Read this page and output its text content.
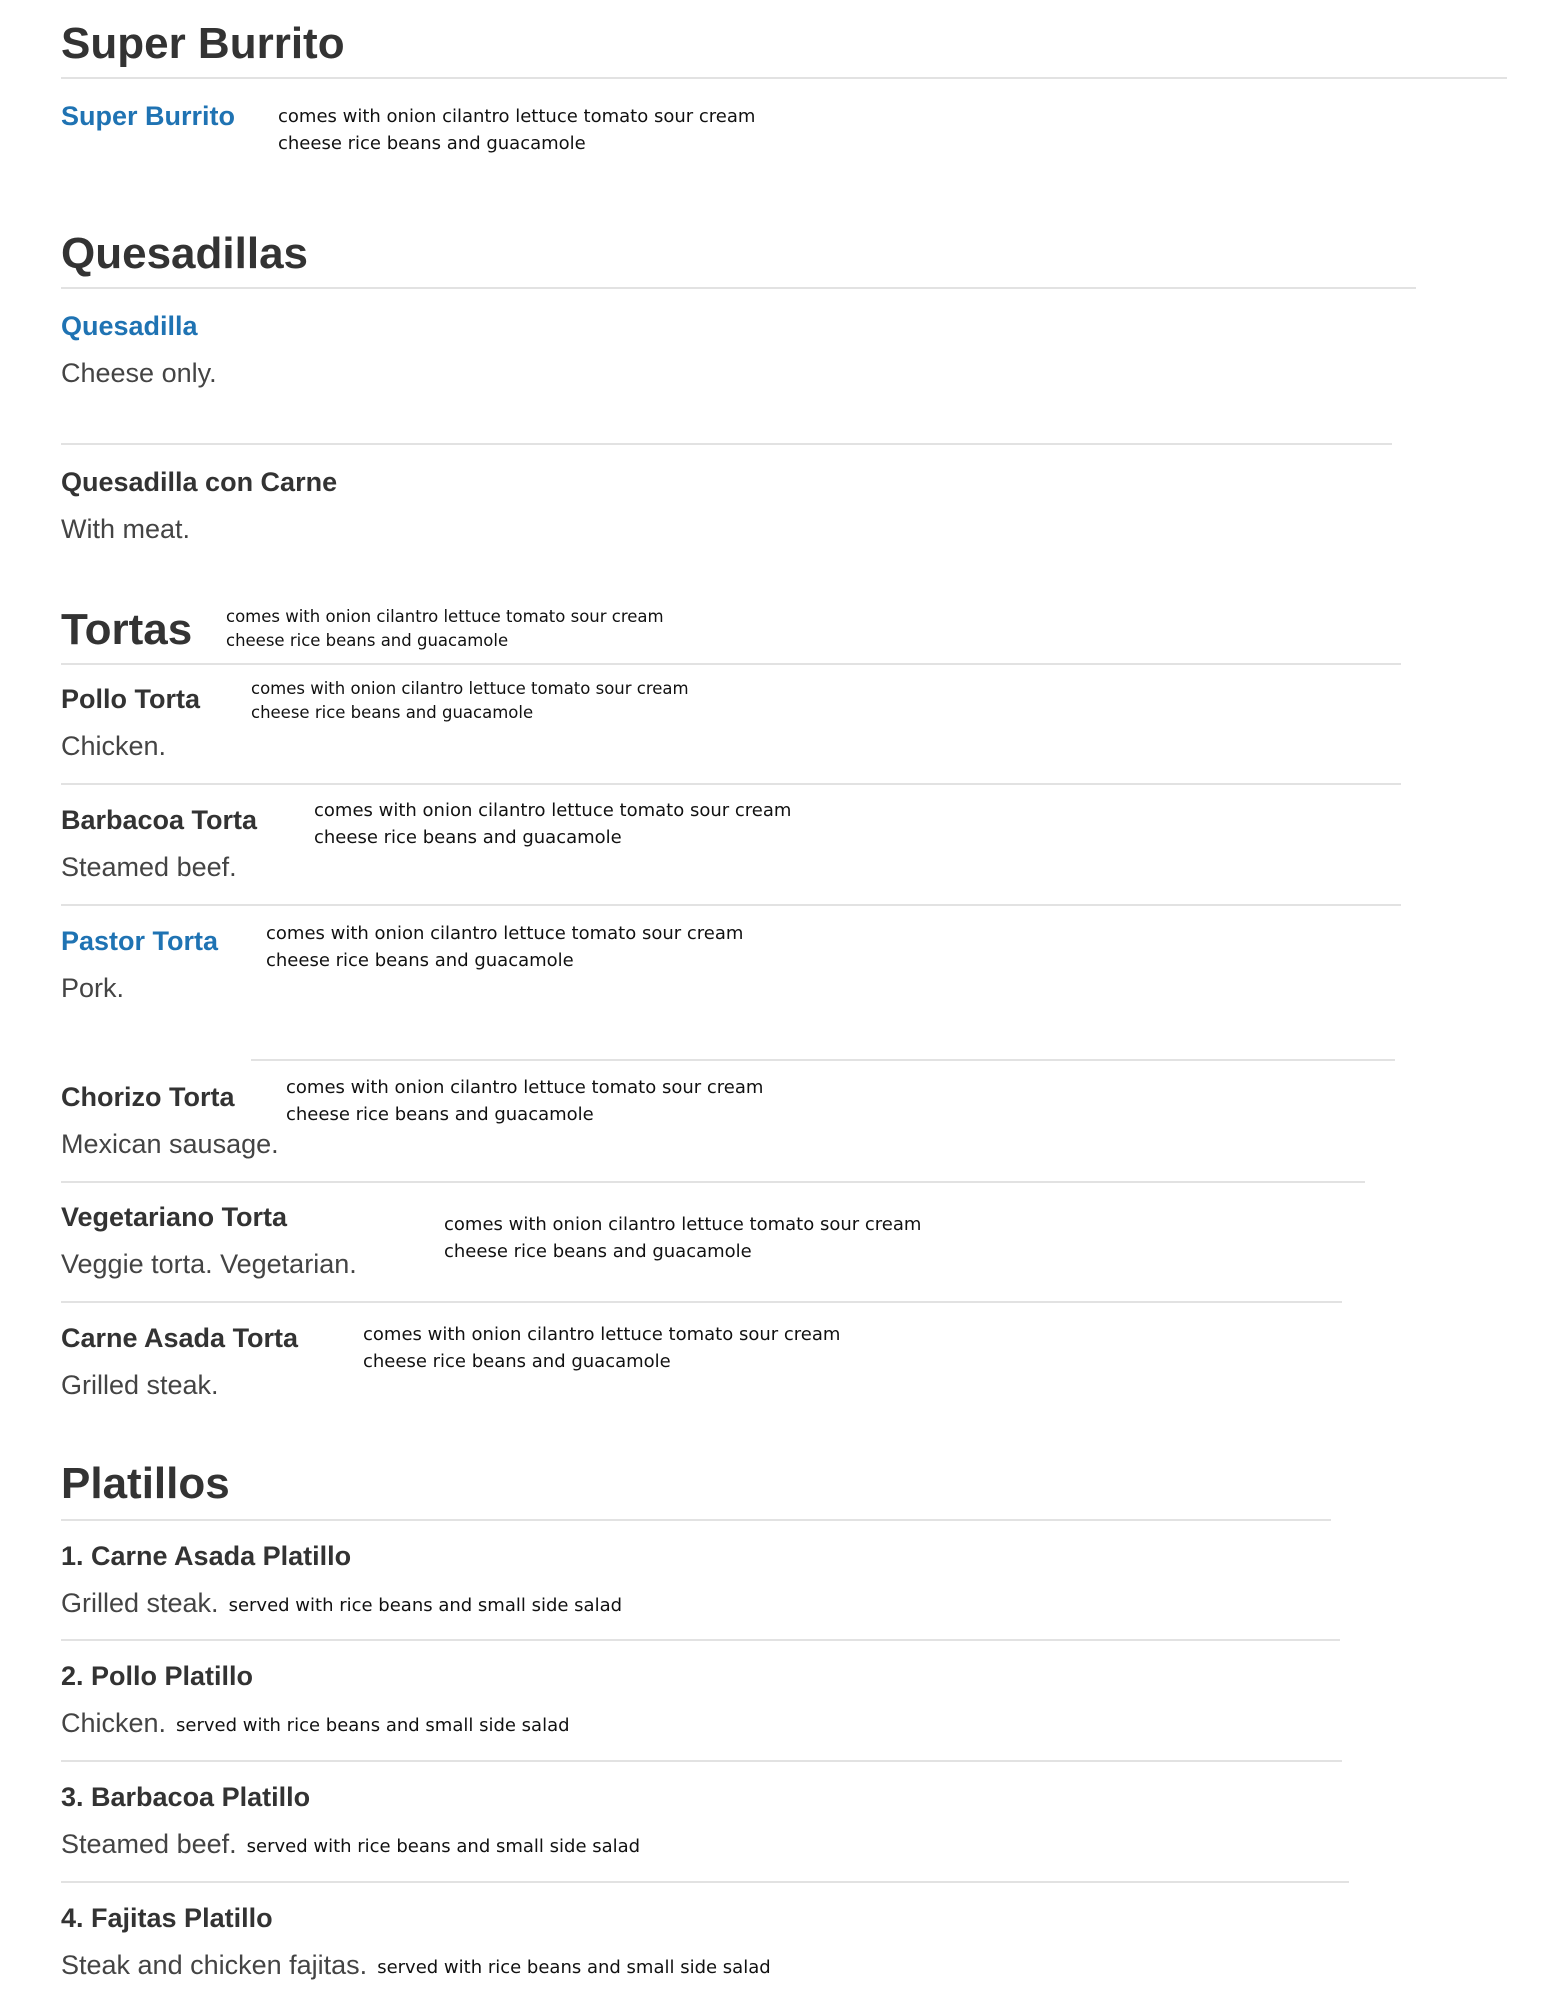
Super Burrito
Super Burrito comes with onion cilantro lettuce tomato sour cream
cheese rice beans and guacamole
Quesadillas
Quesadilla
Cheese only.
Quesadilla con Carne
With meat.
Tortas comes with onion cilantro lettuce tomato sour cream
cheese rice beans and guacamole
Pollo Torta	comes with onion cilantro lettuce tomato sour cream
cheese rice beans and guacamole
Chicken.
Barbacoa Torta	comes with onion cilantro lettuce tomato sour cream
cheese rice beans and guacamole
Steamed beef.
Pastor Torta	comes with onion cilantro lettuce tomato sour cream
cheese rice beans and guacamole
Pork.
Chorizo Torta	comes with onion cilantro lettuce tomato sour cream
cheese rice beans and guacamole
Mexican sausage.
Vegetariano Torta	comes with onion cilantro lettuce tomato sour cream
cheese rice beans and guacamole
Veggie torta. Vegetarian.
Carne Asada Torta	comes with onion cilantro lettuce tomato sour cream
cheese rice beans and guacamole
Grilled steak.
Platillos
1. Carne Asada Platillo
Grilled steak. served with rice beans and small side salad
2. Pollo Platillo
Chicken. served with rice beans and small side salad
3. Barbacoa Platillo
Steamed beef. served with rice beans and small side salad
4. Fajitas Platillo
Steak and chicken fajitas. served with rice beans and small side salad
